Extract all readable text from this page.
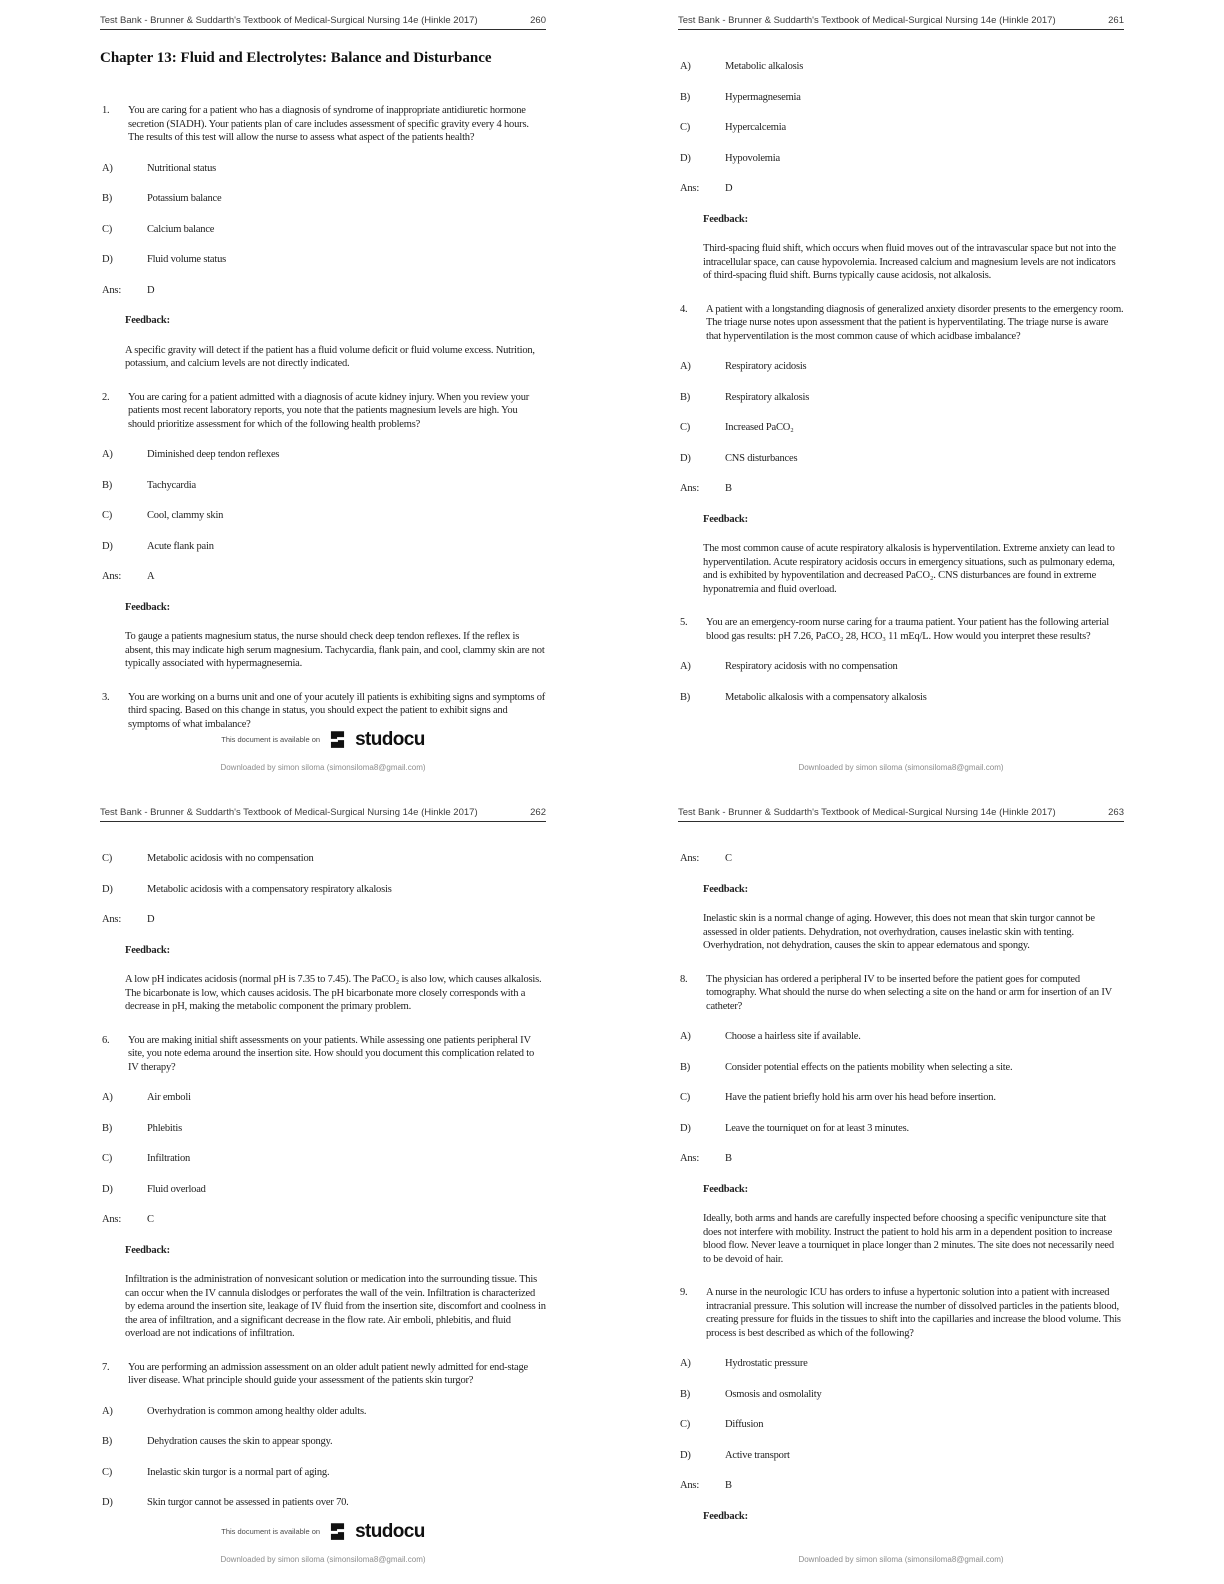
Test Bank - Brunner & Suddarth's Textbook of Medical-Surgical Nursing 14e (Hinkle 2017)	260
Chapter 13: Fluid and Electrolytes: Balance and Disturbance
1. You are caring for a patient who has a diagnosis of syndrome of inappropriate antidiuretic hormone secretion (SIADH). Your patients plan of care includes assessment of specific gravity every 4 hours. The results of this test will allow the nurse to assess what aspect of the patients health?
A)	Nutritional status
B)	Potassium balance
C)	Calcium balance
D)	Fluid volume status
Ans: D
Feedback:
A specific gravity will detect if the patient has a fluid volume deficit or fluid volume excess. Nutrition, potassium, and calcium levels are not directly indicated.
2. You are caring for a patient admitted with a diagnosis of acute kidney injury. When you review your patients most recent laboratory reports, you note that the patients magnesium levels are high. You should prioritize assessment for which of the following health problems?
A)	Diminished deep tendon reflexes
B)	Tachycardia
C)	Cool, clammy skin
D)	Acute flank pain
Ans: A
Feedback:
To gauge a patients magnesium status, the nurse should check deep tendon reflexes. If the reflex is absent, this may indicate high serum magnesium. Tachycardia, flank pain, and cool, clammy skin are not typically associated with hypermagnesemia.
3. You are working on a burns unit and one of your acutely ill patients is exhibiting signs and symptoms of third spacing. Based on this change in status, you should expect the patient to exhibit signs and symptoms of what imbalance?
This document is available on studocu
Downloaded by simon siloma (simonsiloma8@gmail.com)
Test Bank - Brunner & Suddarth's Textbook of Medical-Surgical Nursing 14e (Hinkle 2017)	261
A)	Metabolic alkalosis
B)	Hypermagnesemia
C)	Hypercalcemia
D)	Hypovolemia
Ans: D
Feedback:
Third-spacing fluid shift, which occurs when fluid moves out of the intravascular space but not into the intracellular space, can cause hypovolemia. Increased calcium and magnesium levels are not indicators of third-spacing fluid shift. Burns typically cause acidosis, not alkalosis.
4. A patient with a longstanding diagnosis of generalized anxiety disorder presents to the emergency room. The triage nurse notes upon assessment that the patient is hyperventilating. The triage nurse is aware that hyperventilation is the most common cause of which acidbase imbalance?
A)	Respiratory acidosis
B)	Respiratory alkalosis
C)	Increased PaCO₂
D)	CNS disturbances
Ans: B
Feedback:
The most common cause of acute respiratory alkalosis is hyperventilation. Extreme anxiety can lead to hyperventilation. Acute respiratory acidosis occurs in emergency situations, such as pulmonary edema, and is exhibited by hypoventilation and decreased PaCO₂. CNS disturbances are found in extreme hyponatremia and fluid overload.
5. You are an emergency-room nurse caring for a trauma patient. Your patient has the following arterial blood gas results: pH 7.26, PaCO₂ 28, HCO₃ 11 mEq/L. How would you interpret these results?
A)	Respiratory acidosis with no compensation
B)	Metabolic alkalosis with a compensatory alkalosis
Downloaded by simon siloma (simonsiloma8@gmail.com)
Test Bank - Brunner & Suddarth's Textbook of Medical-Surgical Nursing 14e (Hinkle 2017)	262
C)	Metabolic acidosis with no compensation
D)	Metabolic acidosis with a compensatory respiratory alkalosis
Ans: D
Feedback:
A low pH indicates acidosis (normal pH is 7.35 to 7.45). The PaCO₂ is also low, which causes alkalosis. The bicarbonate is low, which causes acidosis. The pH bicarbonate more closely corresponds with a decrease in pH, making the metabolic component the primary problem.
6. You are making initial shift assessments on your patients. While assessing one patients peripheral IV site, you note edema around the insertion site. How should you document this complication related to IV therapy?
A)	Air emboli
B)	Phlebitis
C)	Infiltration
D)	Fluid overload
Ans: C
Feedback:
Infiltration is the administration of nonvesicant solution or medication into the surrounding tissue. This can occur when the IV cannula dislodges or perforates the wall of the vein. Infiltration is characterized by edema around the insertion site, leakage of IV fluid from the insertion site, discomfort and coolness in the area of infiltration, and a significant decrease in the flow rate. Air emboli, phlebitis, and fluid overload are not indications of infiltration.
7. You are performing an admission assessment on an older adult patient newly admitted for end-stage liver disease. What principle should guide your assessment of the patients skin turgor?
A)	Overhydration is common among healthy older adults.
B)	Dehydration causes the skin to appear spongy.
C)	Inelastic skin turgor is a normal part of aging.
D)	Skin turgor cannot be assessed in patients over 70.
This document is available on studocu
Downloaded by simon siloma (simonsiloma8@gmail.com)
Test Bank - Brunner & Suddarth's Textbook of Medical-Surgical Nursing 14e (Hinkle 2017)	263
Ans: C
Feedback:
Inelastic skin is a normal change of aging. However, this does not mean that skin turgor cannot be assessed in older patients. Dehydration, not overhydration, causes inelastic skin with tenting. Overhydration, not dehydration, causes the skin to appear edematous and spongy.
8. The physician has ordered a peripheral IV to be inserted before the patient goes for computed tomography. What should the nurse do when selecting a site on the hand or arm for insertion of an IV catheter?
A)	Choose a hairless site if available.
B)	Consider potential effects on the patients mobility when selecting a site.
C)	Have the patient briefly hold his arm over his head before insertion.
D)	Leave the tourniquet on for at least 3 minutes.
Ans: B
Feedback:
Ideally, both arms and hands are carefully inspected before choosing a specific venipuncture site that does not interfere with mobility. Instruct the patient to hold his arm in a dependent position to increase blood flow. Never leave a tourniquet in place longer than 2 minutes. The site does not necessarily need to be devoid of hair.
9. A nurse in the neurologic ICU has orders to infuse a hypertonic solution into a patient with increased intracranial pressure. This solution will increase the number of dissolved particles in the patients blood, creating pressure for fluids in the tissues to shift into the capillaries and increase the blood volume. This process is best described as which of the following?
A)	Hydrostatic pressure
B)	Osmosis and osmolality
C)	Diffusion
D)	Active transport
Ans: B
Feedback:
Downloaded by simon siloma (simonsiloma8@gmail.com)
